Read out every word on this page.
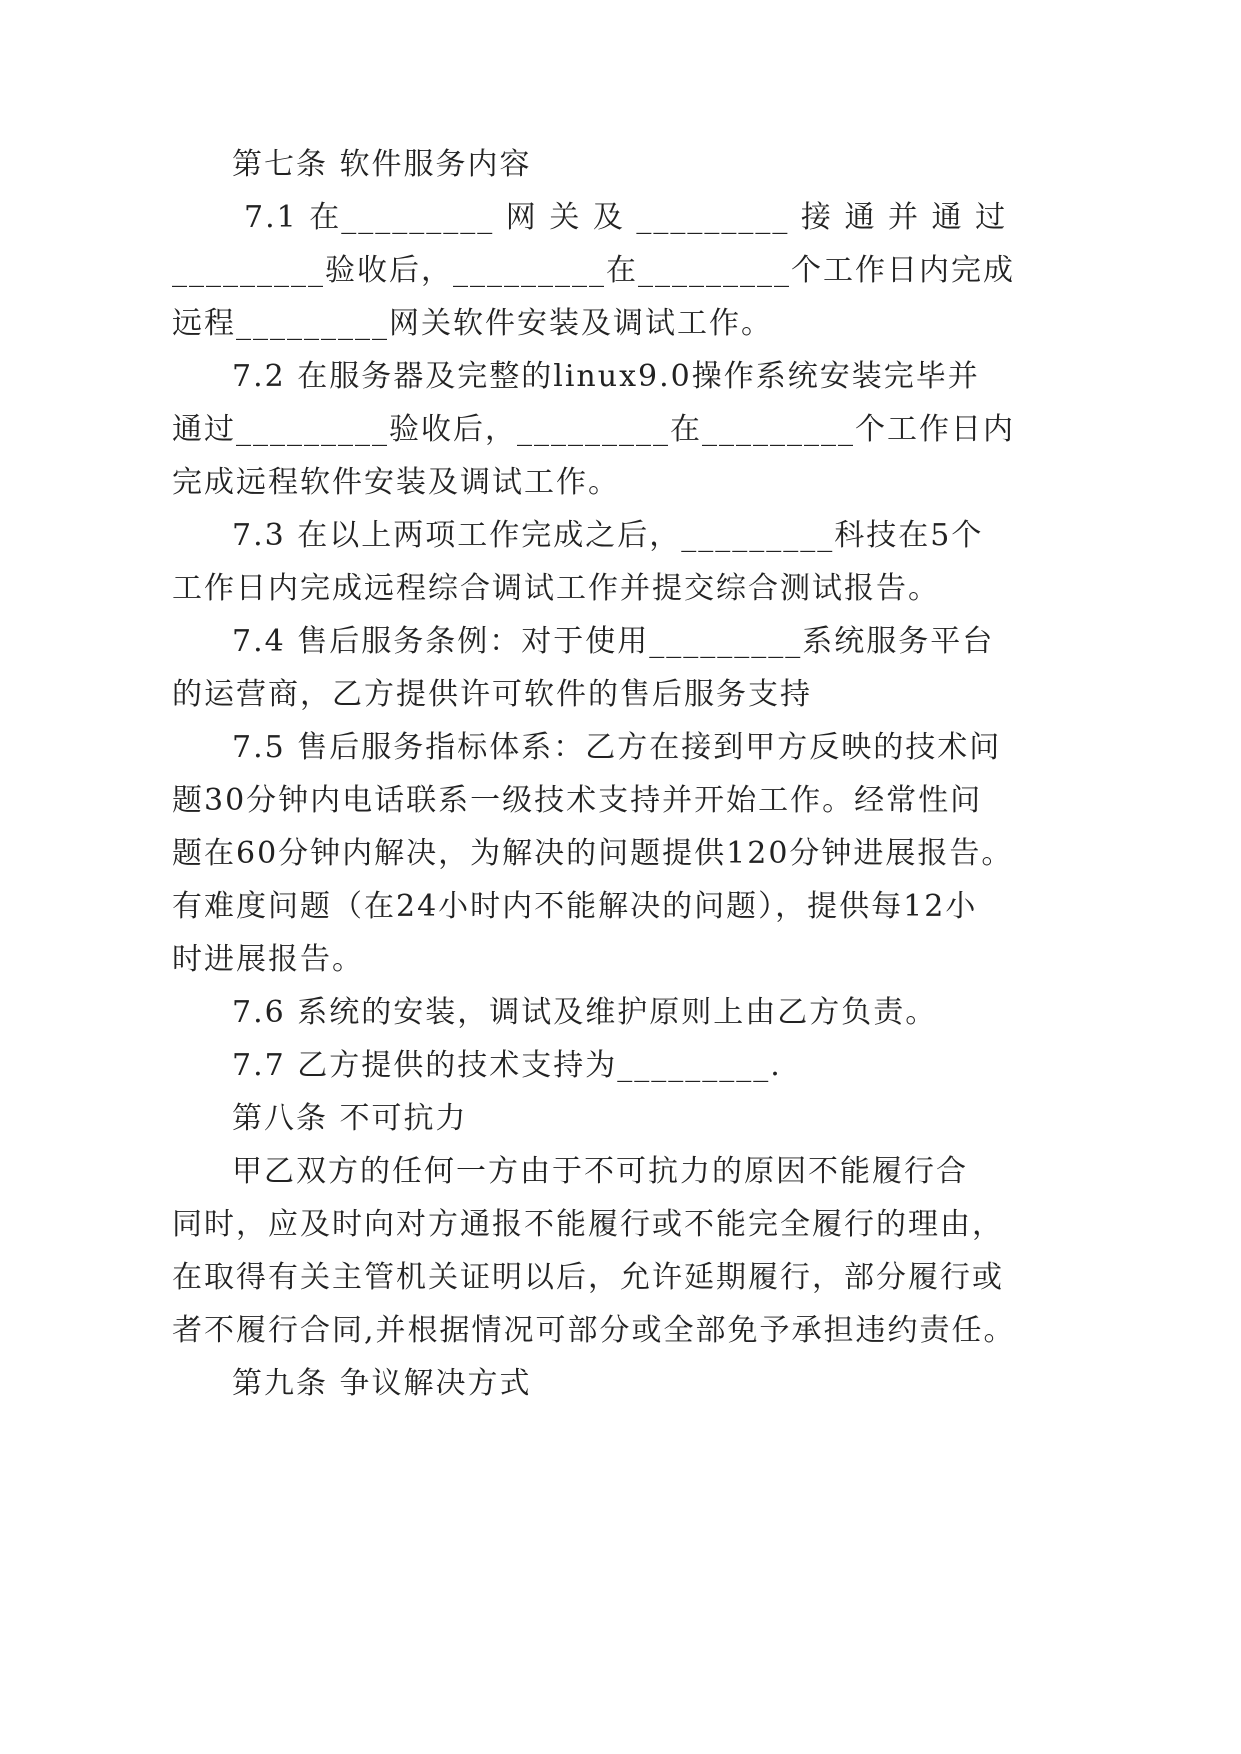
第七条 软件服务内容
7.1 在_________ 网 关 及 _________ 接 通 并 通 过
_________验收后，_________在_________个工作日内完成
远程_________网关软件安装及调试工作。
7.2 在服务器及完整的linux9.0操作系统安装完毕并
通过_________验收后，_________在_________个工作日内
完成远程软件安装及调试工作。
7.3 在以上两项工作完成之后，_________科技在5个
工作日内完成远程综合调试工作并提交综合测试报告。
7.4 售后服务条例：对于使用_________系统服务平台
的运营商，乙方提供许可软件的售后服务支持
7.5 售后服务指标体系：乙方在接到甲方反映的技术问
题30分钟内电话联系一级技术支持并开始工作。经常性问
题在60分钟内解决，为解决的问题提供120分钟进展报告。
有难度问题（在24小时内不能解决的问题），提供每12小
时进展报告。
7.6 系统的安装，调试及维护原则上由乙方负责。
7.7 乙方提供的技术支持为_________.
第八条 不可抗力
甲乙双方的任何一方由于不可抗力的原因不能履行合
同时，应及时向对方通报不能履行或不能完全履行的理由，
在取得有关主管机关证明以后，允许延期履行，部分履行或
者不履行合同,并根据情况可部分或全部免予承担违约责任。
第九条 争议解决方式
